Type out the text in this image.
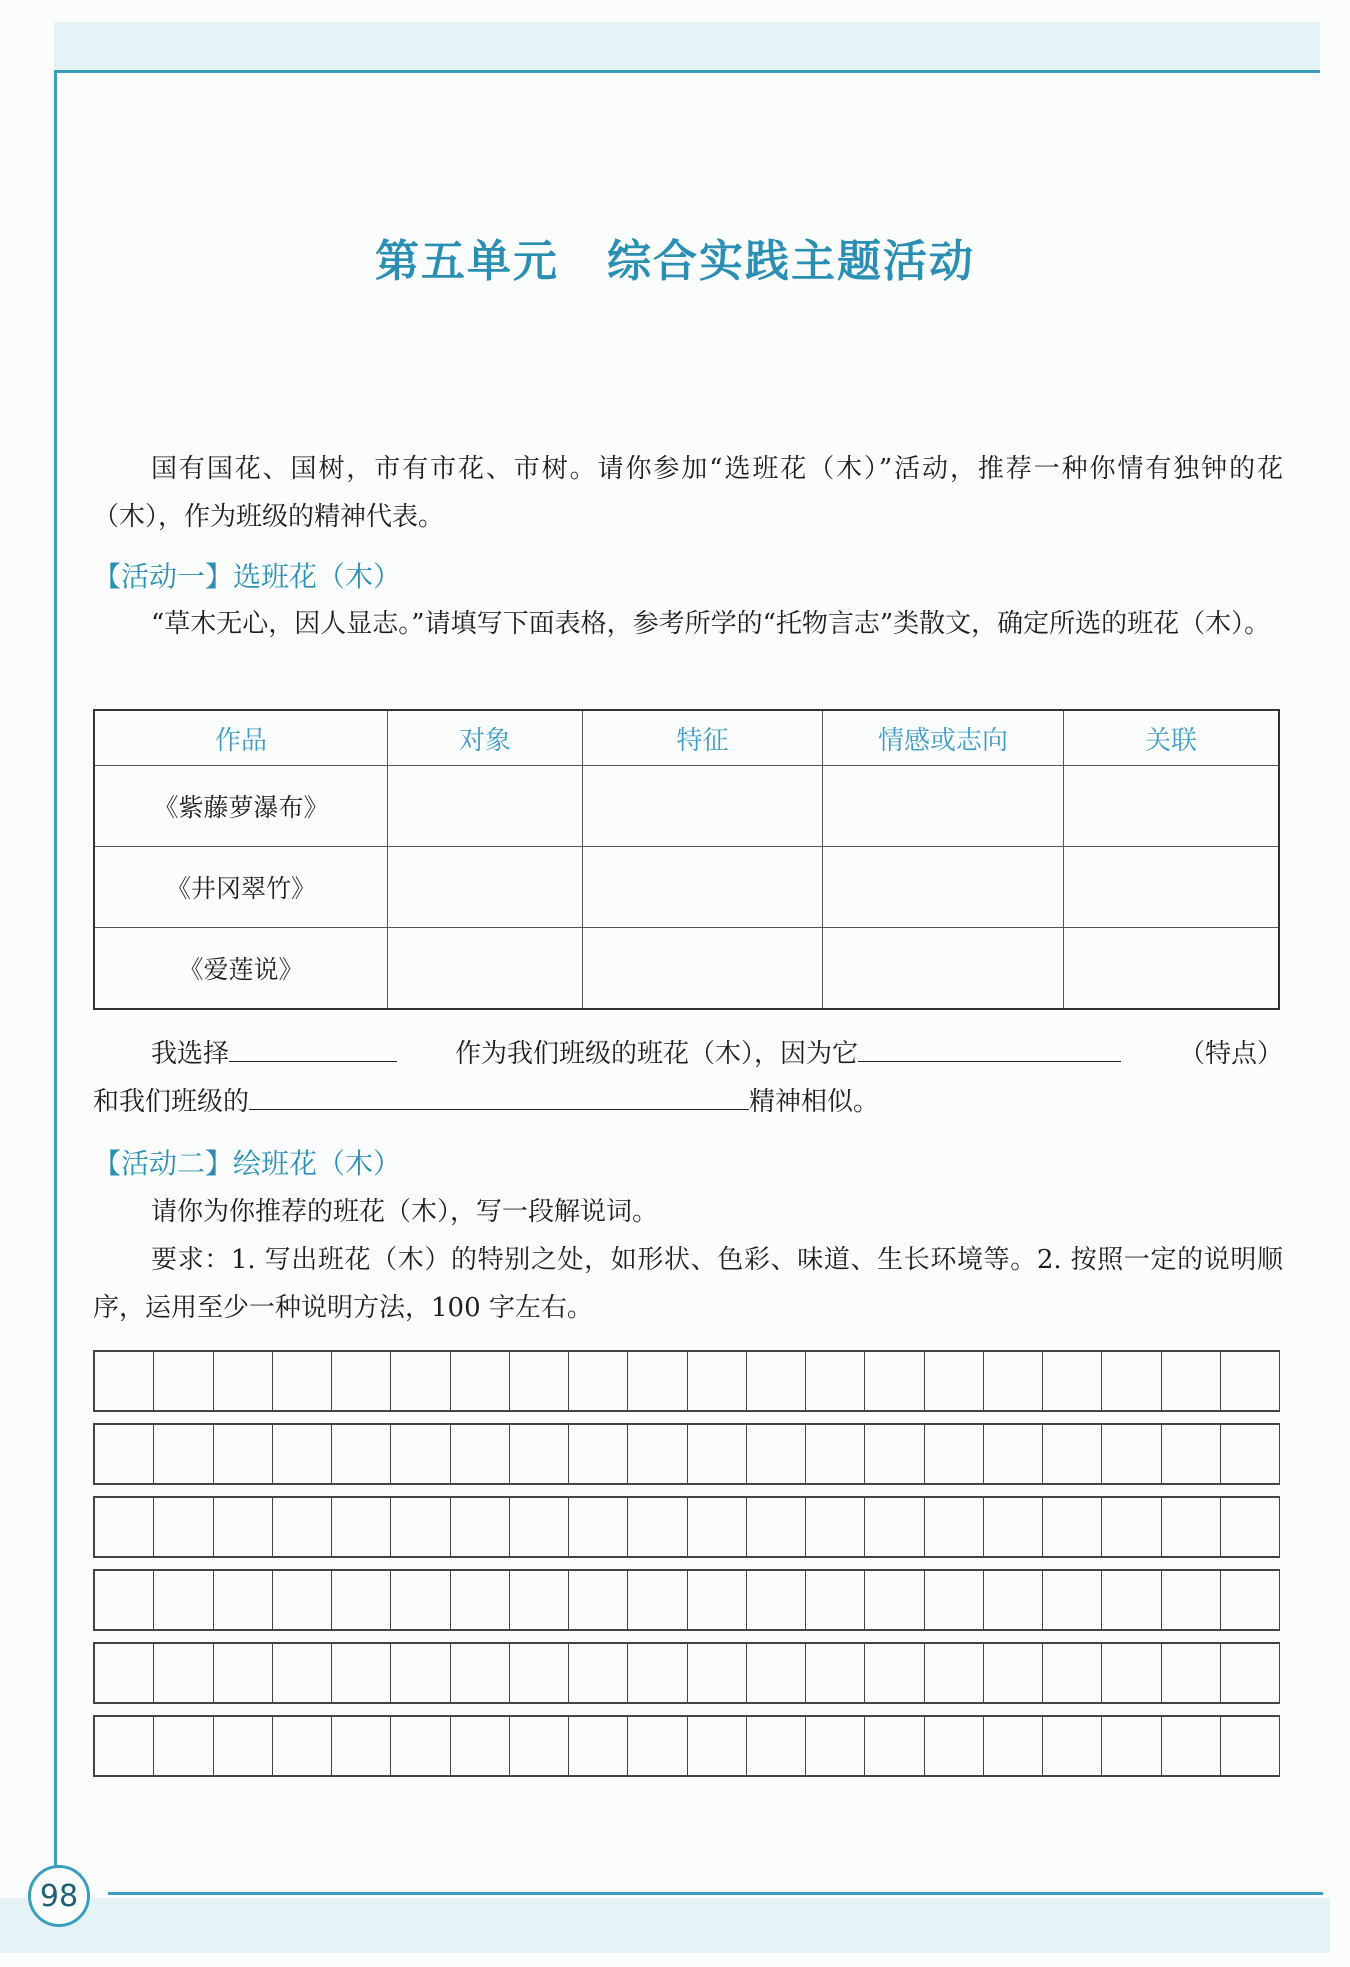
98
第五单元 综合实践主题活动
国有国花、国树，市有市花、市树。请你参加“选班花（木）”活动，推荐一种你情有独钟的花（木），作为班级的精神代表。
【活动一】选班花（木）
“草木无心，因人显志。”请填写下面表格，参考所学的“托物言志”类散文，确定所选的班花（木）。
作品	对象	特征	情感或志向	关联
《紫藤萝瀑布》				
《井冈翠竹》				
《爱莲说》				
我选择	作为我们班级的班花（木），因为它	（特点）
和我们班级的	精神相似。
【活动二】绘班花（木）
请你为你推荐的班花（木），写一段解说词。
要求：1. 写出班花（木）的特别之处，如形状、色彩、味道、生长环境等。2. 按照一定的说明顺序，运用至少一种说明方法，100 字左右。
